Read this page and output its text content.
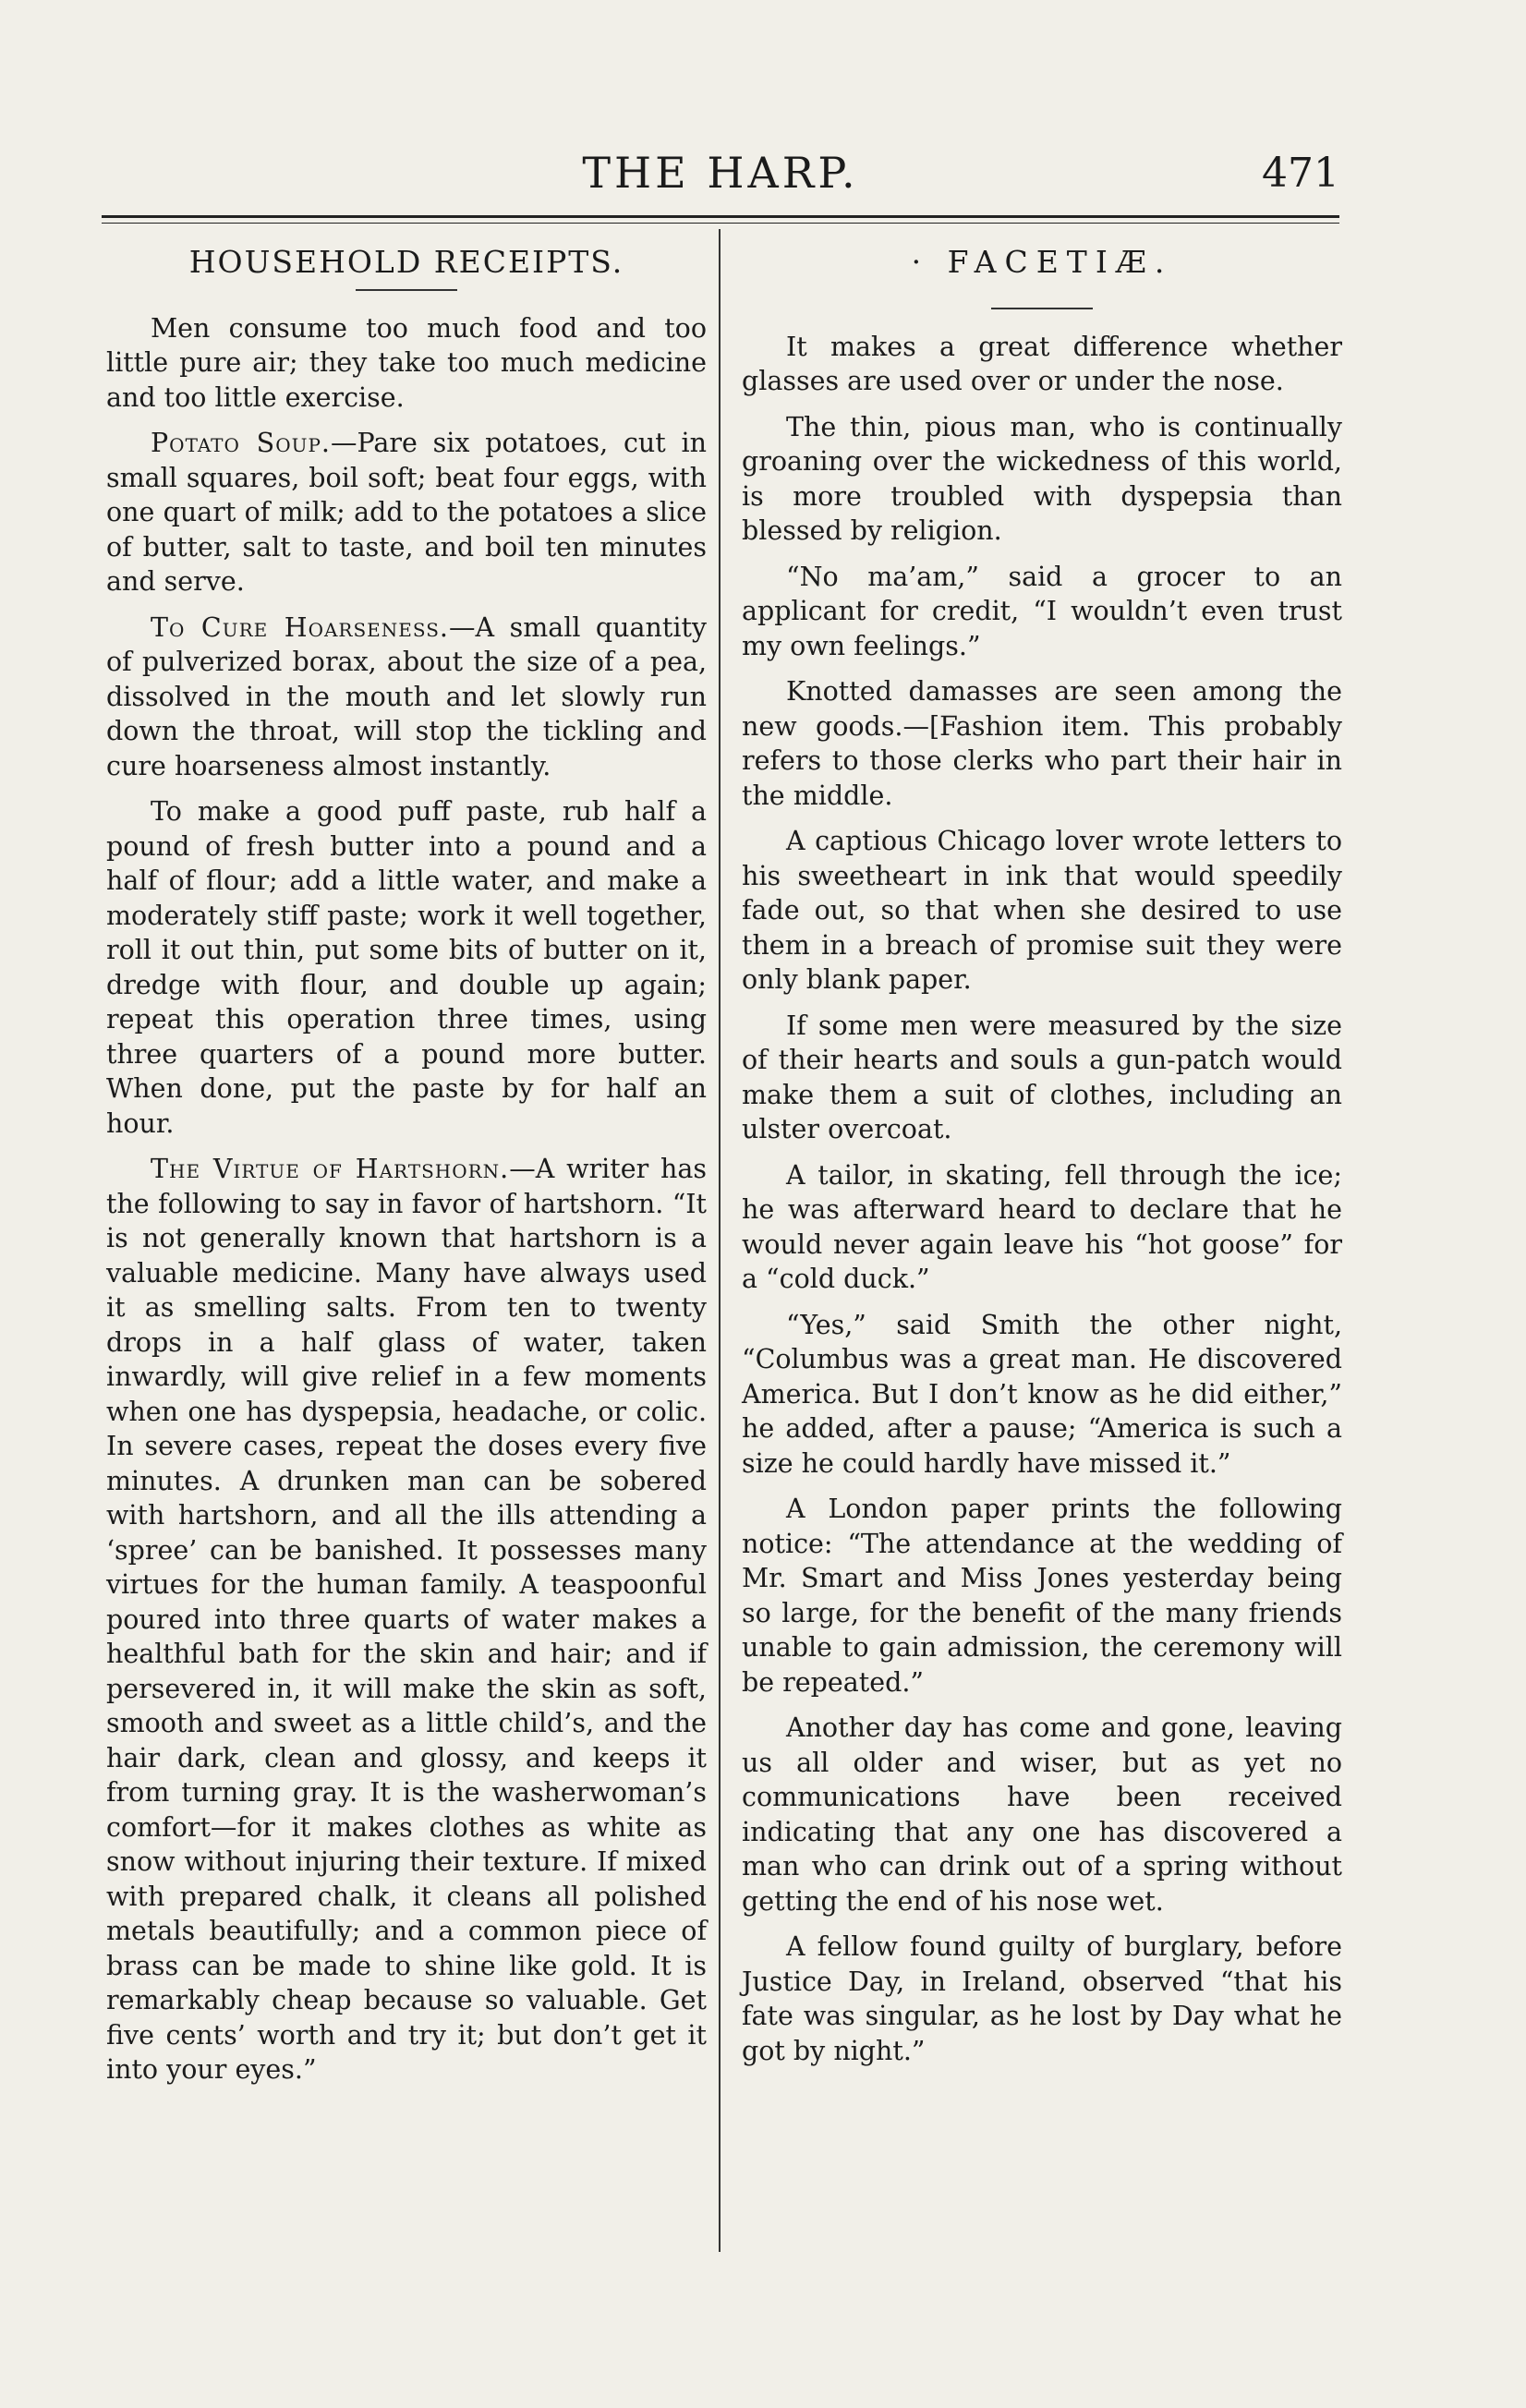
THE HARP.	471
HOUSEHOLD RECEIPTS.

Men consume too much food and too little pure air; they take too much medicine and too little exercise.

Potato Soup.—Pare six potatoes, cut in small squares, boil soft; beat four eggs, with one quart of milk; add to the potatoes a slice of butter, salt to taste, and boil ten minutes and serve.

To Cure Hoarseness.—A small quantity of pulverized borax, about the size of a pea, dissolved in the mouth and let slowly run down the throat, will stop the tickling and cure hoarseness almost instantly.

To make a good puff paste, rub half a pound of fresh butter into a pound and a half of flour; add a little water, and make a moderately stiff paste; work it well together, roll it out thin, put some bits of butter on it, dredge with flour, and double up again; repeat this operation three times, using three quarters of a pound more butter. When done, put the paste by for half an hour.

The Virtue of Hartshorn.—A writer has the following to say in favor of hartshorn. “It is not generally known that hartshorn is a valuable medicine. Many have always used it as smelling salts. From ten to twenty drops in a half glass of water, taken inwardly, will give relief in a few moments when one has dyspepsia, headache, or colic. In severe cases, repeat the doses every five minutes. A drunken man can be sobered with hartshorn, and all the ills attending a ‘spree’ can be banished. It possesses many virtues for the human family. A teaspoonful poured into three quarts of water makes a healthful bath for the skin and hair; and if persevered in, it will make the skin as soft, smooth and sweet as a little child’s, and the hair dark, clean and glossy, and keeps it from turning gray. It is the washerwoman’s comfort—for it makes clothes as white as snow without injuring their texture. If mixed with prepared chalk, it cleans all polished metals beautifully; and a common piece of brass can be made to shine like gold. It is remarkably cheap because so valuable. Get five cents’ worth and try it; but don’t get it into your eyes.”

· FACETIÆ.

It makes a great difference whether glasses are used over or under the nose.

The thin, pious man, who is continually groaning over the wickedness of this world, is more troubled with dyspepsia than blessed by religion.

“No ma’am,” said a grocer to an applicant for credit, “I wouldn’t even trust my own feelings.”

Knotted damasses are seen among the new goods.—[Fashion item. This probably refers to those clerks who part their hair in the middle.

A captious Chicago lover wrote letters to his sweetheart in ink that would speedily fade out, so that when she desired to use them in a breach of promise suit they were only blank paper.

If some men were measured by the size of their hearts and souls a gun-patch would make them a suit of clothes, including an ulster overcoat.

A tailor, in skating, fell through the ice; he was afterward heard to declare that he would never again leave his “hot goose” for a “cold duck.”

“Yes,” said Smith the other night, “Columbus was a great man. He discovered America. But I don’t know as he did either,” he added, after a pause; “America is such a size he could hardly have missed it.”

A London paper prints the following notice: “The attendance at the wedding of Mr. Smart and Miss Jones yesterday being so large, for the benefit of the many friends unable to gain admission, the ceremony will be repeated.”

Another day has come and gone, leaving us all older and wiser, but as yet no communications have been received indicating that any one has discovered a man who can drink out of a spring without getting the end of his nose wet.

A fellow found guilty of burglary, before Justice Day, in Ireland, observed “that his fate was singular, as he lost by Day what he got by night.”
